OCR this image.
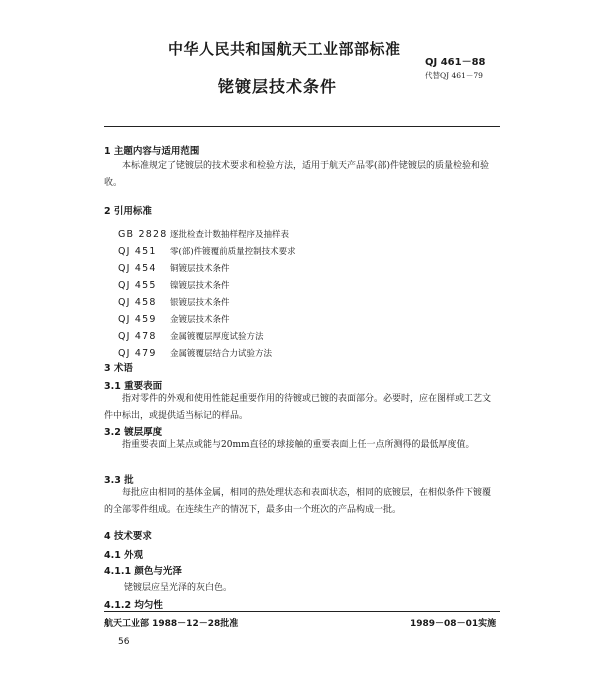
中华人民共和国航天工业部部标准
QJ 461－88
代替QJ 461－79
铑镀层技术条件
1 主题内容与适用范围
本标准规定了铑镀层的技术要求和检验方法，适用于航天产品零(部)件铑镀层的质量检验和验收。
2 引用标准
GB 2828 逐批检查计数抽样程序及抽样表
QJ 451 零(部)件镀覆前质量控制技术要求
QJ 454 铜镀层技术条件
QJ 455 镍镀层技术条件
QJ 458 银镀层技术条件
QJ 459 金镀层技术条件
QJ 478 金属镀覆层厚度试验方法
QJ 479 金属镀覆层结合力试验方法
3 术语
3.1 重要表面
指对零件的外观和使用性能起重要作用的待镀或已镀的表面部分。必要时，应在图样或工艺文件中标出，或提供适当标记的样品。
3.2 镀层厚度
指重要表面上某点或能与20mm直径的球接触的重要表面上任一点所测得的最低厚度值。
3.3 批
每批应由相同的基体金属，相同的热处理状态和表面状态，相同的底镀层，在相似条件下镀覆的全部零件组成。在连续生产的情况下，最多由一个班次的产品构成一批。
4 技术要求
4.1 外观
4.1.1 颜色与光泽
铑镀层应呈光泽的灰白色。
4.1.2 均匀性
航天工业部 1988－12－28批准	1989－08－01实施
56
